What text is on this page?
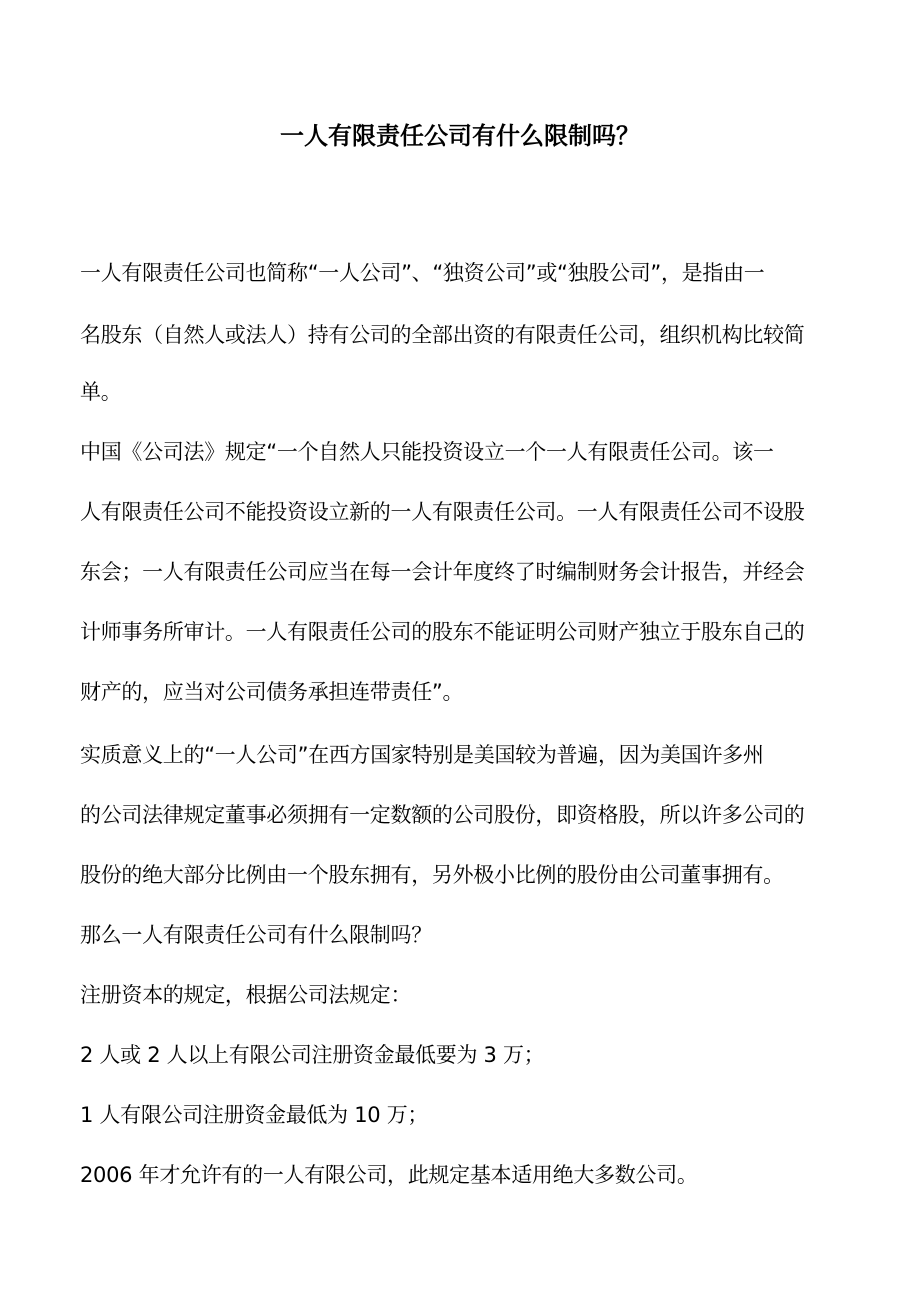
一人有限责任公司有什么限制吗？
一人有限责任公司也简称“一人公司”、“独资公司”或“独股公司”，是指由一
名股东（自然人或法人）持有公司的全部出资的有限责任公司，组织机构比较简
单。
中国《公司法》规定“一个自然人只能投资设立一个一人有限责任公司。该一
人有限责任公司不能投资设立新的一人有限责任公司。一人有限责任公司不设股
东会；一人有限责任公司应当在每一会计年度终了时编制财务会计报告，并经会
计师事务所审计。一人有限责任公司的股东不能证明公司财产独立于股东自己的
财产的，应当对公司债务承担连带责任”。
实质意义上的“一人公司”在西方国家特别是美国较为普遍，因为美国许多州
的公司法律规定董事必须拥有一定数额的公司股份，即资格股，所以许多公司的
股份的绝大部分比例由一个股东拥有，另外极小比例的股份由公司董事拥有。
那么一人有限责任公司有什么限制吗？
注册资本的规定，根据公司法规定：
2 人或 2 人以上有限公司注册资金最低要为 3 万；
1 人有限公司注册资金最低为 10 万；
2006 年才允许有的一人有限公司，此规定基本适用绝大多数公司。
